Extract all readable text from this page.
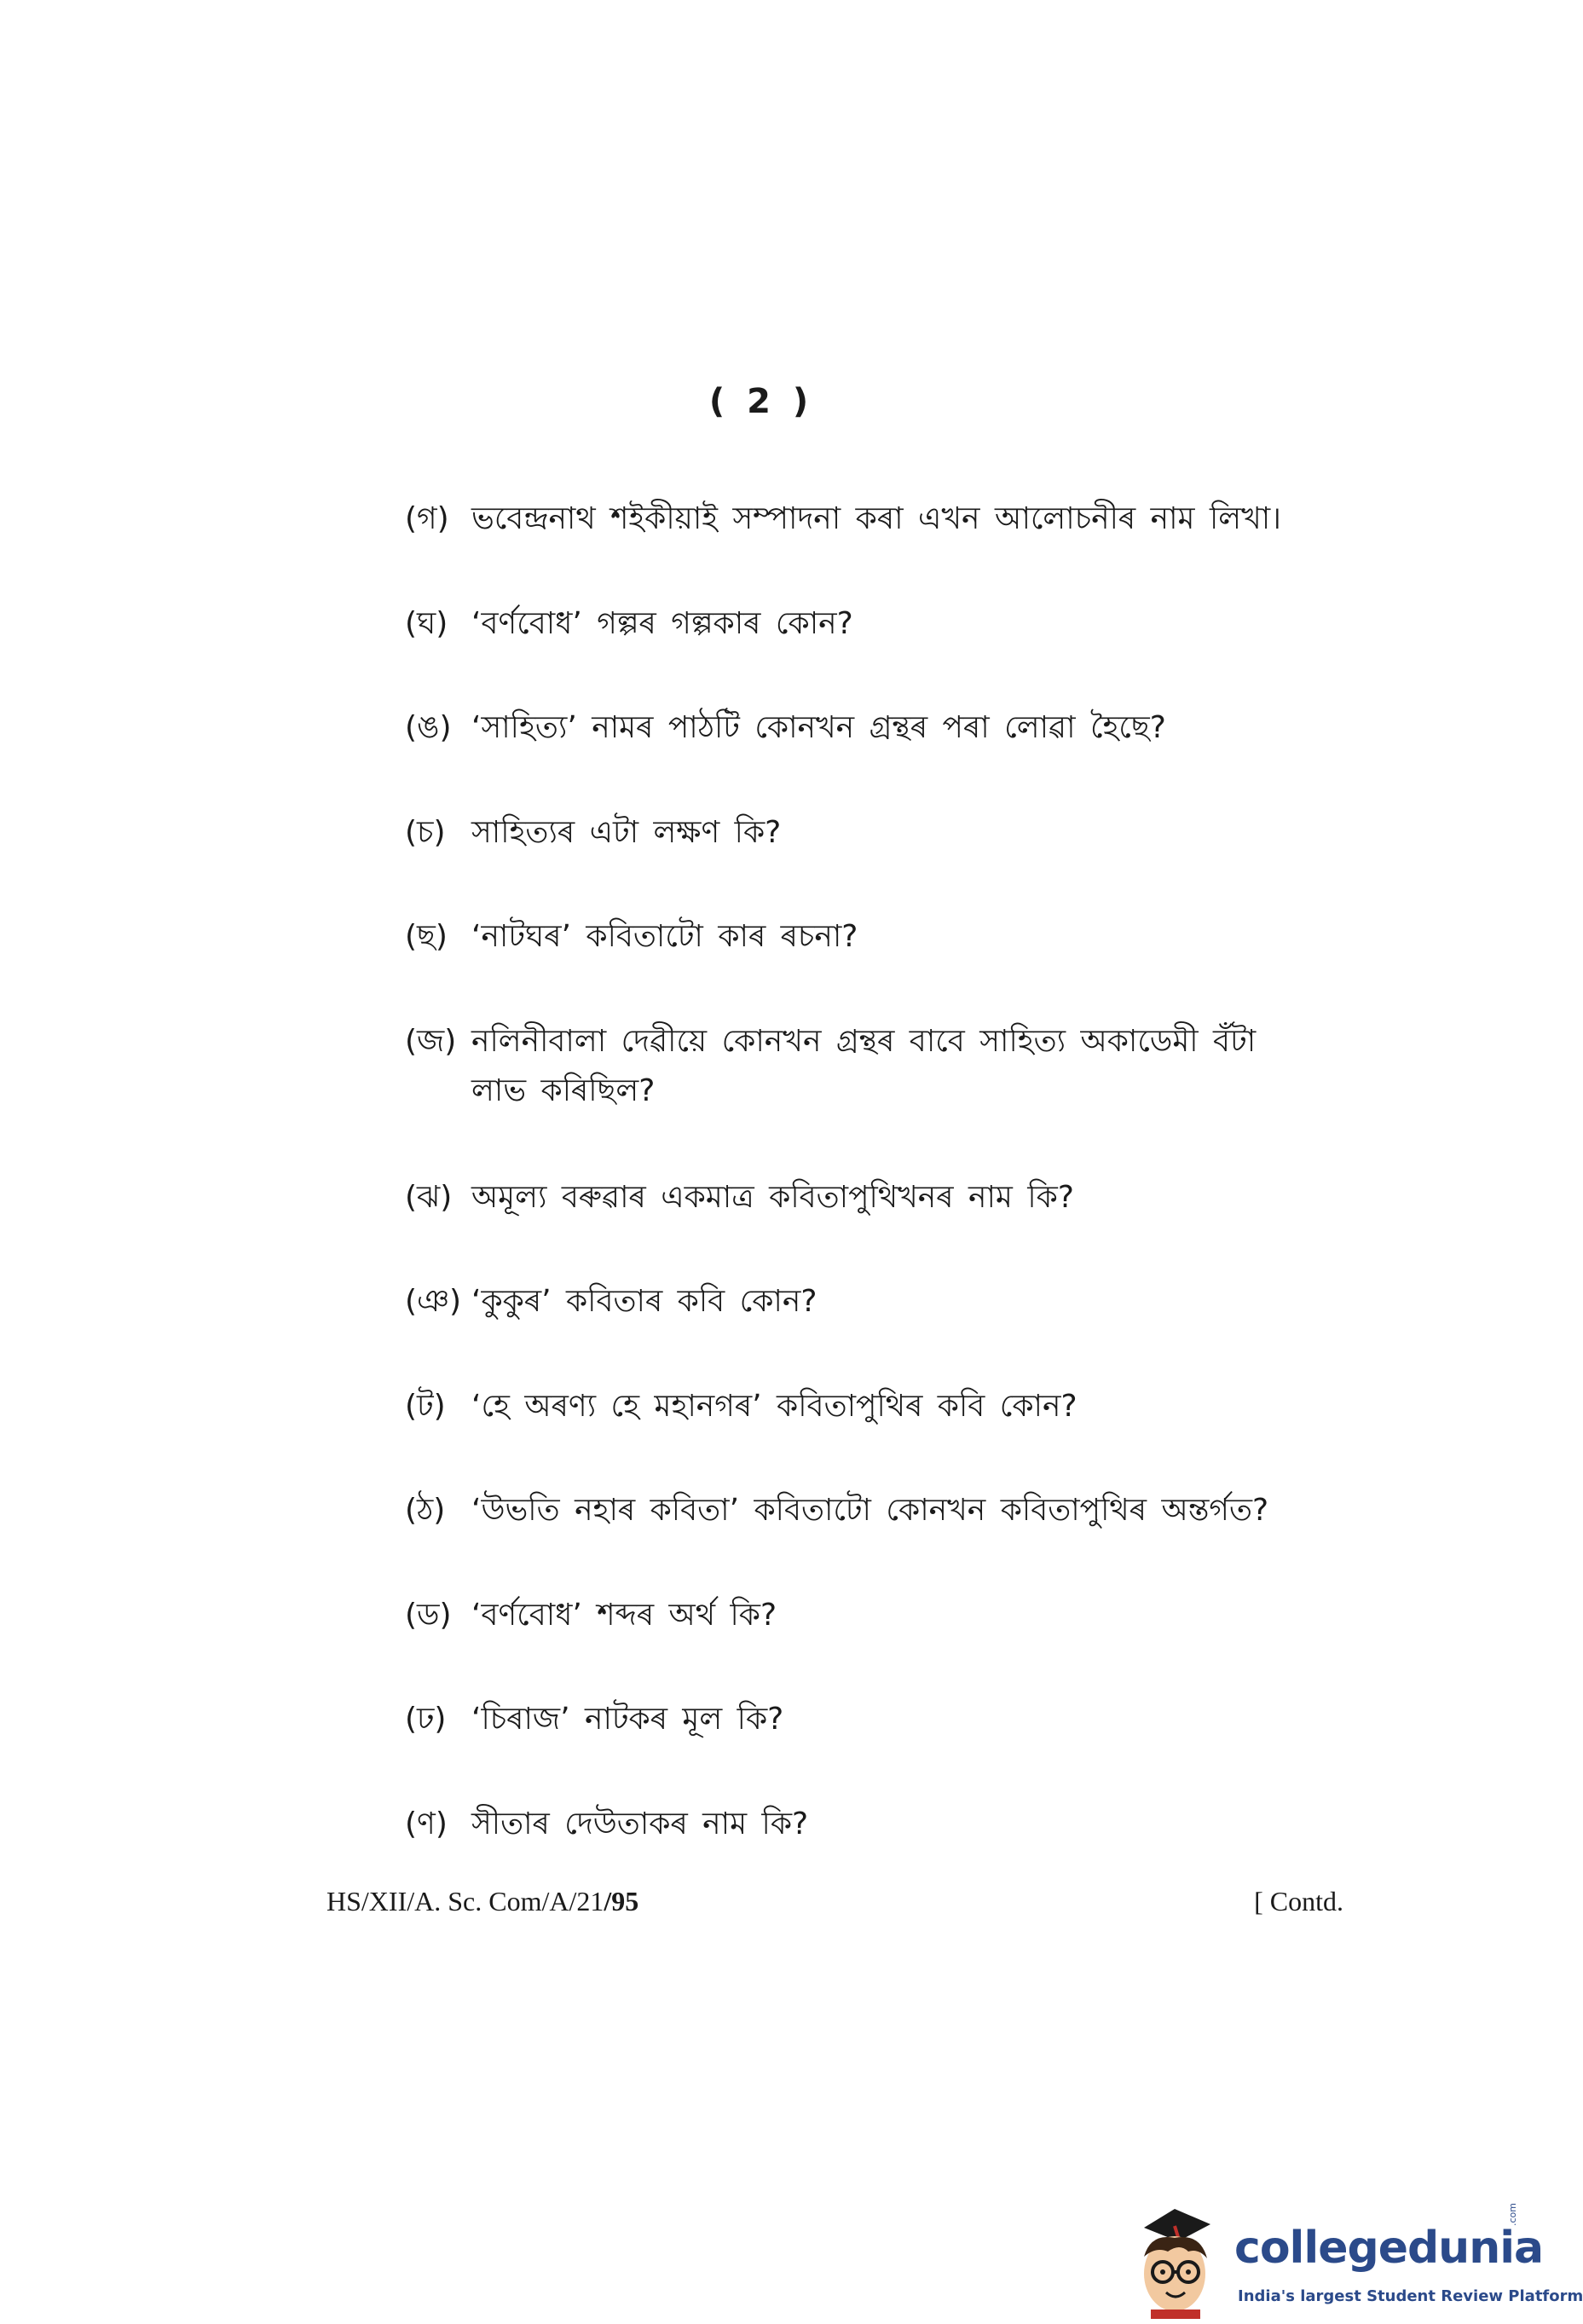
( 2 )
(গ) ভবেন্দ্ৰনাথ শইকীয়াই সম্পাদনা কৰা এখন আলোচনীৰ নাম লিখা।
(ঘ) ‘বৰ্ণবোধ’ গল্পৰ গল্পকাৰ কোন?
(ঙ) ‘সাহিত্য’ নামৰ পাঠটি কোনখন গ্ৰন্থৰ পৰা লোৱা হৈছে?
(চ) সাহিত্যৰ এটা লক্ষণ কি?
(ছ) ‘নাটঘৰ’ কবিতাটো কাৰ ৰচনা?
(জ) নলিনীবালা দেৱীয়ে কোনখন গ্ৰন্থৰ বাবে সাহিত্য অকাডেমী বঁটা লাভ কৰিছিল?
(ঝ) অমূল্য বৰুৱাৰ একমাত্ৰ কবিতাপুথিখনৰ নাম কি?
(ঞ) ‘কুকুৰ’ কবিতাৰ কবি কোন?
(ট) ‘হে অৰণ্য হে মহানগৰ’ কবিতাপুথিৰ কবি কোন?
(ঠ) ‘উভতি নহাৰ কবিতা’ কবিতাটো কোনখন কবিতাপুথিৰ অন্তৰ্গত?
(ড) ‘বৰ্ণবোধ’ শব্দৰ অৰ্থ কি?
(ঢ) ‘চিৰাজ’ নাটকৰ মূল কি?
(ণ) সীতাৰ দেউতাকৰ নাম কি?
HS/XII/A. Sc. Com/A/21/95	[ Contd.
collegedunia
.com
India's largest Student Review Platform
